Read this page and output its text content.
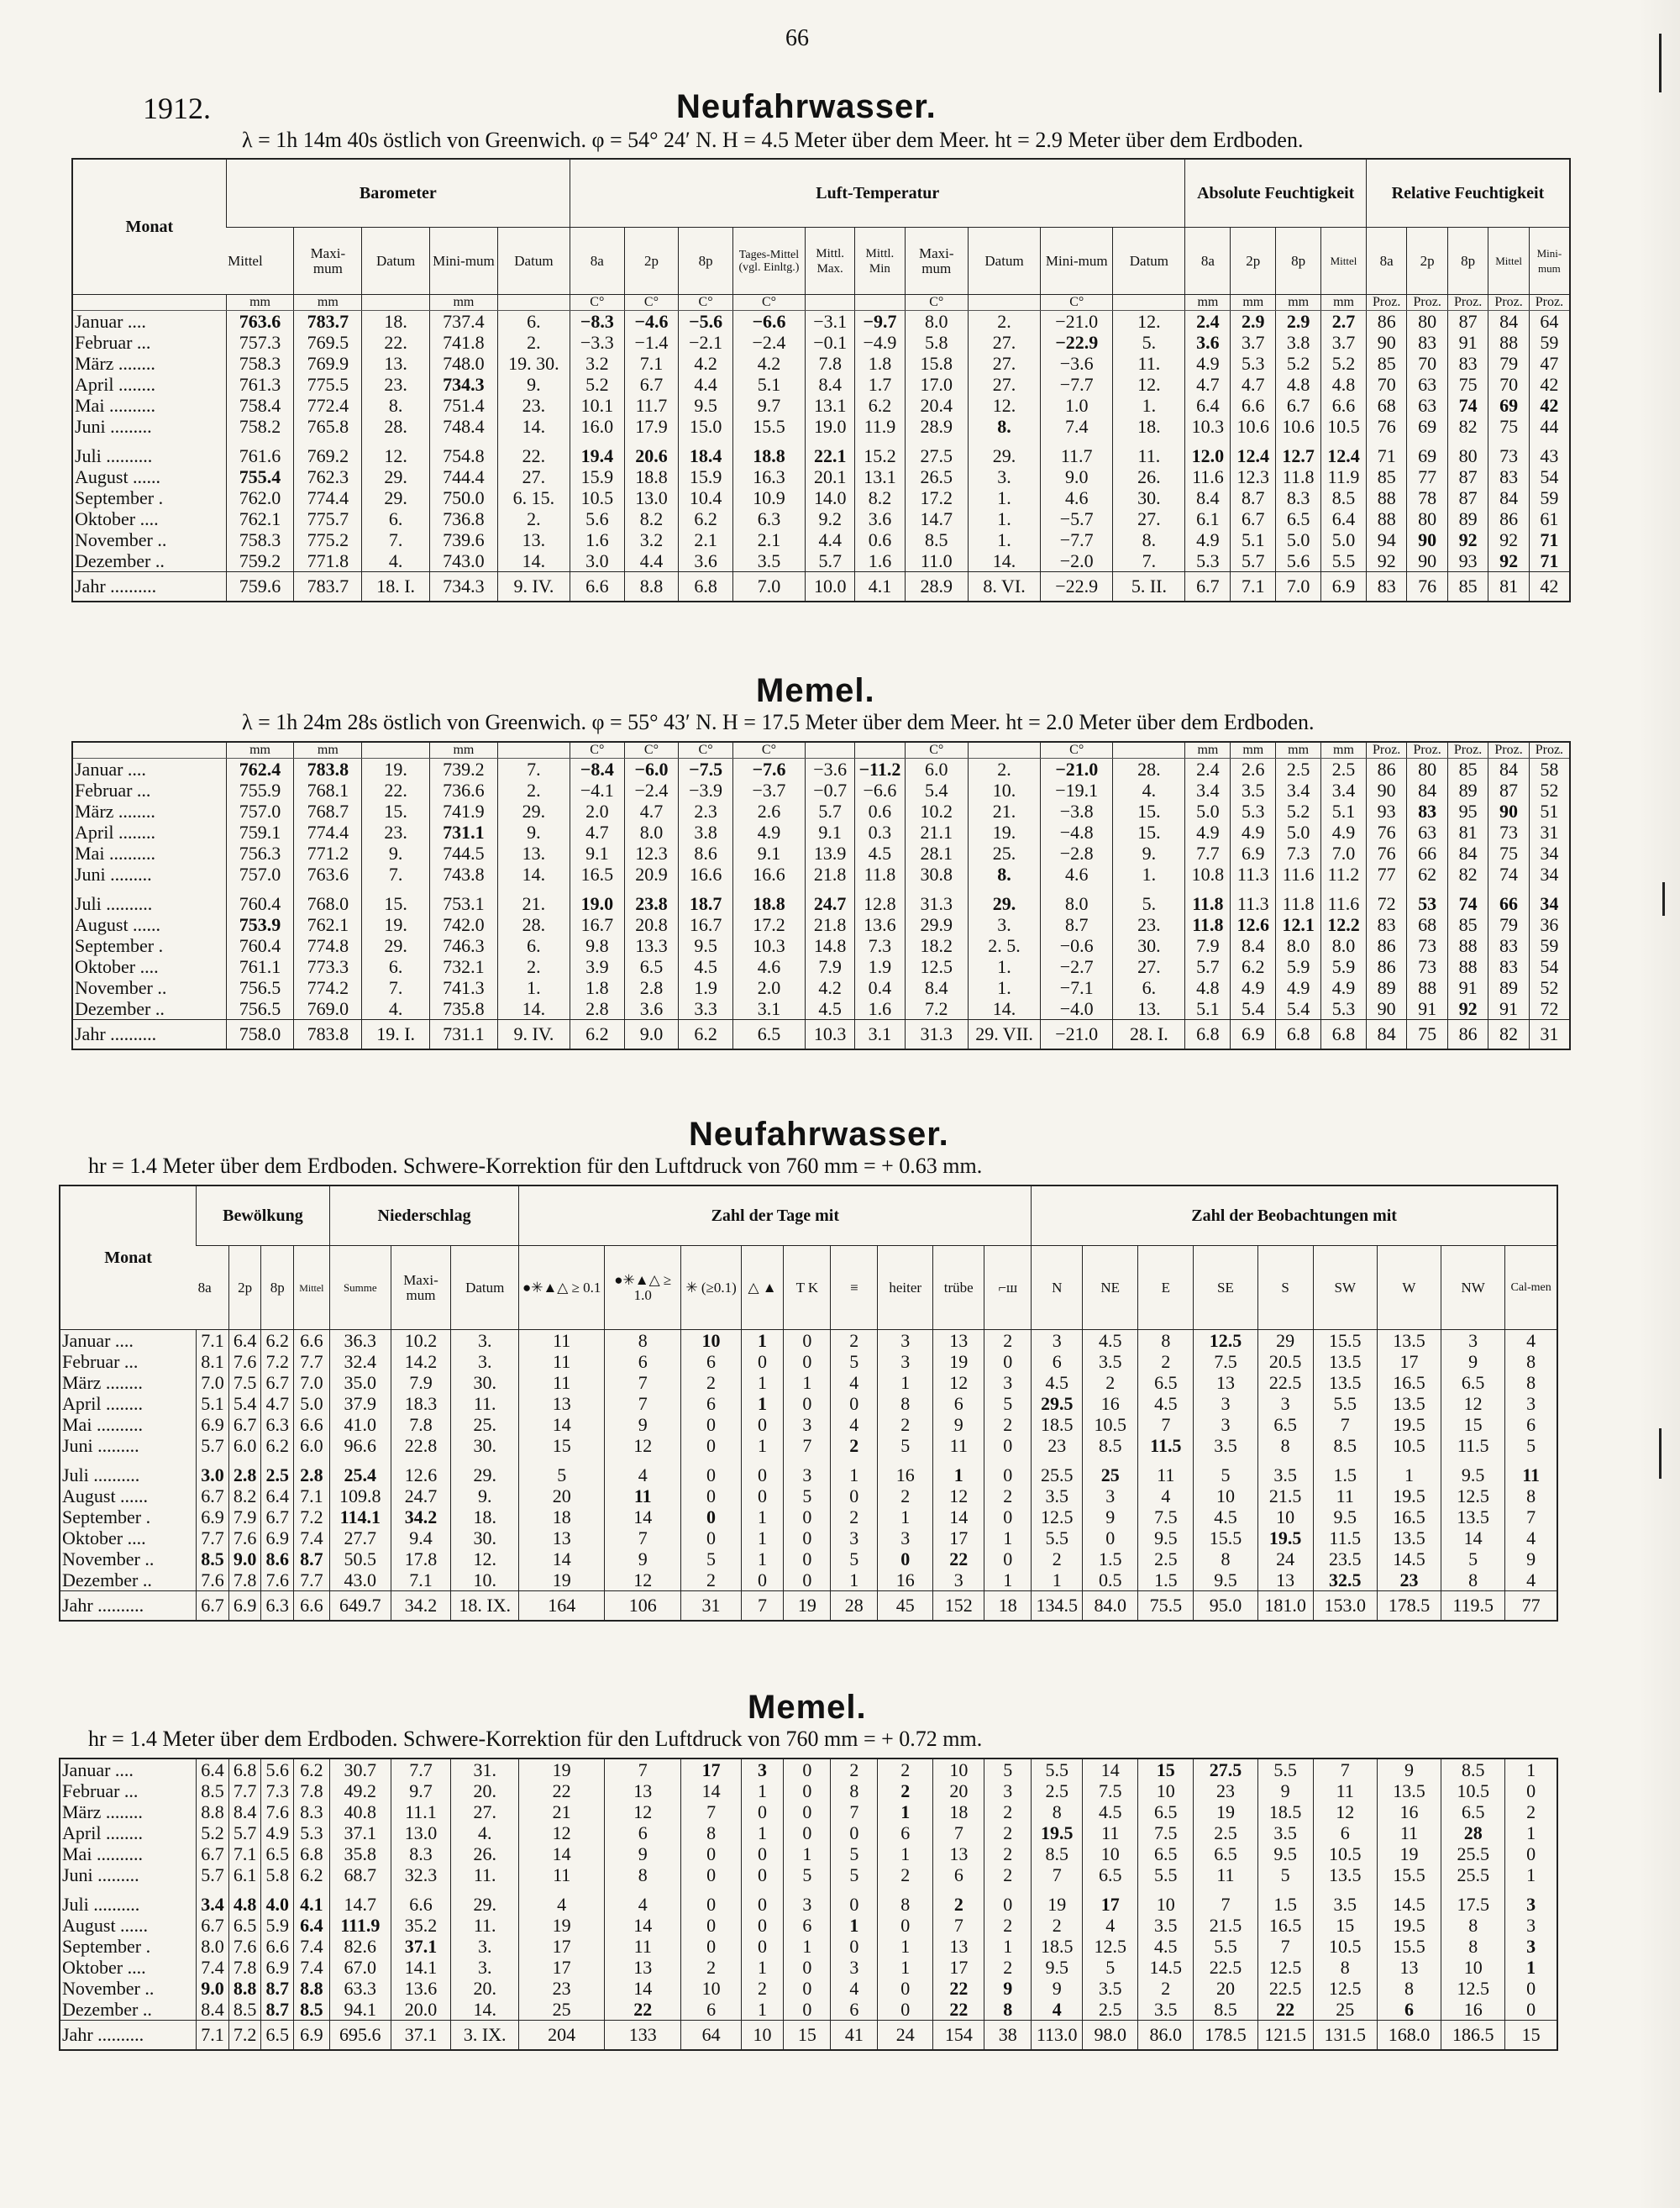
66
1912.	Neufahrwasser.
λ = 1h 14m 40s östlich von Greenwich. φ = 54° 24′ N. H = 4.5 Meter über dem Meer. ht = 2.9 Meter über dem Erdboden.
Monat	Barometer					Luft-Temperatur										Absolute Feuchtigkeit				Relative Feuchtigkeit				
	Mittel	Maxi-mum	Datum	Mini-mum	Datum	8a	2p	8p	Tages-Mittel (vgl. Einltg.)	Mittl. Max.	Mittl. Min	Maxi-mum	Datum	Mini-mum	Datum	8a	2p	8p	Mittel	8a	2p	8p	Mittel	Mini-mum
	mm	mm		mm		C°	C°	C°	C°			C°		C°		mm	mm	mm	mm	Proz.	Proz.	Proz.	Proz.	Proz.
Januar ....	763.6	783.7	18.	737.4	6.	−8.3	−4.6	−5.6	−6.6	−3.1	−9.7	8.0	2.	−21.0	12.	2.4	2.9	2.9	2.7	86	80	87	84	64
Februar ...	757.3	769.5	22.	741.8	2.	−3.3	−1.4	−2.1	−2.4	−0.1	−4.9	5.8	27.	−22.9	5.	3.6	3.7	3.8	3.7	90	83	91	88	59
März ........	758.3	769.9	13.	748.0	19. 30.	3.2	7.1	4.2	4.2	7.8	1.8	15.8	27.	−3.6	11.	4.9	5.3	5.2	5.2	85	70	83	79	47
April ........	761.3	775.5	23.	734.3	9.	5.2	6.7	4.4	5.1	8.4	1.7	17.0	27.	−7.7	12.	4.7	4.7	4.8	4.8	70	63	75	70	42
Mai ..........	758.4	772.4	8.	751.4	23.	10.1	11.7	9.5	9.7	13.1	6.2	20.4	12.	1.0	1.	6.4	6.6	6.7	6.6	68	63	74	69	42
Juni .........	758.2	765.8	28.	748.4	14.	16.0	17.9	15.0	15.5	19.0	11.9	28.9	8.	7.4	18.	10.3	10.6	10.6	10.5	76	69	82	75	44

Juli ..........	761.6	769.2	12.	754.8	22.	19.4	20.6	18.4	18.8	22.1	15.2	27.5	29.	11.7	11.	12.0	12.4	12.7	12.4	71	69	80	73	43
August ......	755.4	762.3	29.	744.4	27.	15.9	18.8	15.9	16.3	20.1	13.1	26.5	3.	9.0	26.	11.6	12.3	11.8	11.9	85	77	87	83	54
September .	762.0	774.4	29.	750.0	6. 15.	10.5	13.0	10.4	10.9	14.0	8.2	17.2	1.	4.6	30.	8.4	8.7	8.3	8.5	88	78	87	84	59
Oktober ....	762.1	775.7	6.	736.8	2.	5.6	8.2	6.2	6.3	9.2	3.6	14.7	1.	−5.7	27.	6.1	6.7	6.5	6.4	88	80	89	86	61
November ..	758.3	775.2	7.	739.6	13.	1.6	3.2	2.1	2.1	4.4	0.6	8.5	1.	−7.7	8.	4.9	5.1	5.0	5.0	94	90	92	92	71
Dezember ..	759.2	771.8	4.	743.0	14.	3.0	4.4	3.6	3.5	5.7	1.6	11.0	14.	−2.0	7.	5.3	5.7	5.6	5.5	92	90	93	92	71
Jahr ..........	759.6	783.7	18. I.	734.3	9. IV.	6.6	8.8	6.8	7.0	10.0	4.1	28.9	8. VI.	−22.9	5. II.	6.7	7.1	7.0	6.9	83	76	85	81	42
Memel.
λ = 1h 24m 28s östlich von Greenwich. φ = 55° 43′ N. H = 17.5 Meter über dem Meer. ht = 2.0 Meter über dem Erdboden.
	mm	mm		mm		C°	C°	C°	C°			C°		C°		mm	mm	mm	mm	Proz.	Proz.	Proz.	Proz.	Proz.
Januar ....	762.4	783.8	19.	739.2	7.	−8.4	−6.0	−7.5	−7.6	−3.6	−11.2	6.0	2.	−21.0	28.	2.4	2.6	2.5	2.5	86	80	85	84	58
Februar ...	755.9	768.1	22.	736.6	2.	−4.1	−2.4	−3.9	−3.7	−0.7	−6.6	5.4	10.	−19.1	4.	3.4	3.5	3.4	3.4	90	84	89	87	52
März ........	757.0	768.7	15.	741.9	29.	2.0	4.7	2.3	2.6	5.7	0.6	10.2	21.	−3.8	15.	5.0	5.3	5.2	5.1	93	83	95	90	51
April ........	759.1	774.4	23.	731.1	9.	4.7	8.0	3.8	4.9	9.1	0.3	21.1	19.	−4.8	15.	4.9	4.9	5.0	4.9	76	63	81	73	31
Mai ..........	756.3	771.2	9.	744.5	13.	9.1	12.3	8.6	9.1	13.9	4.5	28.1	25.	−2.8	9.	7.7	6.9	7.3	7.0	76	66	84	75	34
Juni .........	757.0	763.6	7.	743.8	14.	16.5	20.9	16.6	16.6	21.8	11.8	30.8	8.	4.6	1.	10.8	11.3	11.6	11.2	77	62	82	74	34

Juli ..........	760.4	768.0	15.	753.1	21.	19.0	23.8	18.7	18.8	24.7	12.8	31.3	29.	8.0	5.	11.8	11.3	11.8	11.6	72	53	74	66	34
August ......	753.9	762.1	19.	742.0	28.	16.7	20.8	16.7	17.2	21.8	13.6	29.9	3.	8.7	23.	11.8	12.6	12.1	12.2	83	68	85	79	36
September .	760.4	774.8	29.	746.3	6.	9.8	13.3	9.5	10.3	14.8	7.3	18.2	2. 5.	−0.6	30.	7.9	8.4	8.0	8.0	86	73	88	83	59
Oktober ....	761.1	773.3	6.	732.1	2.	3.9	6.5	4.5	4.6	7.9	1.9	12.5	1.	−2.7	27.	5.7	6.2	5.9	5.9	86	73	88	83	54
November ..	756.5	774.2	7.	741.3	1.	1.8	2.8	1.9	2.0	4.2	0.4	8.4	1.	−7.1	6.	4.8	4.9	4.9	4.9	89	88	91	89	52
Dezember ..	756.5	769.0	4.	735.8	14.	2.8	3.6	3.3	3.1	4.5	1.6	7.2	14.	−4.0	13.	5.1	5.4	5.4	5.3	90	91	92	91	72
Jahr ..........	758.0	783.8	19. I.	731.1	9. IV.	6.2	9.0	6.2	6.5	10.3	3.1	31.3	29. VII.	−21.0	28. I.	6.8	6.9	6.8	6.8	84	75	86	82	31
Neufahrwasser.
hr = 1.4 Meter über dem Erdboden. Schwere-Korrektion für den Luftdruck von 760 mm = + 0.63 mm.
Monat	Bewölkung				Niederschlag			Zahl der Tage mit									Zahl der Beobachtungen mit								
	8a	2p	8p	Mittel	Summe	Maxi-mum	Datum	●✳▲△ ≥ 0.1	●✳▲△ ≥ 1.0	✳ (≥0.1)	△ ▲	T K	≡	heiter	trübe	⌐ш	N	NE	E	SE	S	SW	W	NW	Cal-men
Januar ....	7.1	6.4	6.2	6.6	36.3	10.2	3.	11	8	10	1	0	2	3	13	2	3	4.5	8	12.5	29	15.5	13.5	3	4
Februar ...	8.1	7.6	7.2	7.7	32.4	14.2	3.	11	6	6	0	0	5	3	19	0	6	3.5	2	7.5	20.5	13.5	17	9	8
März ........	7.0	7.5	6.7	7.0	35.0	7.9	30.	11	7	2	1	1	4	1	12	3	4.5	2	6.5	13	22.5	13.5	16.5	6.5	8
April ........	5.1	5.4	4.7	5.0	37.9	18.3	11.	13	7	6	1	0	0	8	6	5	29.5	16	4.5	3	3	5.5	13.5	12	3
Mai ..........	6.9	6.7	6.3	6.6	41.0	7.8	25.	14	9	0	0	3	4	2	9	2	18.5	10.5	7	3	6.5	7	19.5	15	6
Juni .........	5.7	6.0	6.2	6.0	96.6	22.8	30.	15	12	0	1	7	2	5	11	0	23	8.5	11.5	3.5	8	8.5	10.5	11.5	5

Juli ..........	3.0	2.8	2.5	2.8	25.4	12.6	29.	5	4	0	0	3	1	16	1	0	25.5	25	11	5	3.5	1.5	1	9.5	11
August ......	6.7	8.2	6.4	7.1	109.8	24.7	9.	20	11	0	0	5	0	2	12	2	3.5	3	4	10	21.5	11	19.5	12.5	8
September .	6.9	7.9	6.7	7.2	114.1	34.2	18.	18	14	0	1	0	2	1	14	0	12.5	9	7.5	4.5	10	9.5	16.5	13.5	7
Oktober ....	7.7	7.6	6.9	7.4	27.7	9.4	30.	13	7	0	1	0	3	3	17	1	5.5	0	9.5	15.5	19.5	11.5	13.5	14	4
November ..	8.5	9.0	8.6	8.7	50.5	17.8	12.	14	9	5	1	0	5	0	22	0	2	1.5	2.5	8	24	23.5	14.5	5	9
Dezember ..	7.6	7.8	7.6	7.7	43.0	7.1	10.	19	12	2	0	0	1	16	3	1	1	0.5	1.5	9.5	13	32.5	23	8	4
Jahr ..........	6.7	6.9	6.3	6.6	649.7	34.2	18. IX.	164	106	31	7	19	28	45	152	18	134.5	84.0	75.5	95.0	181.0	153.0	178.5	119.5	77
Memel.
hr = 1.4 Meter über dem Erdboden. Schwere-Korrektion für den Luftdruck von 760 mm = + 0.72 mm.
Januar ....	6.4	6.8	5.6	6.2	30.7	7.7	31.	19	7	17	3	0	2	2	10	5	5.5	14	15	27.5	5.5	7	9	8.5	1
Februar ...	8.5	7.7	7.3	7.8	49.2	9.7	20.	22	13	14	1	0	8	2	20	3	2.5	7.5	10	23	9	11	13.5	10.5	0
März ........	8.8	8.4	7.6	8.3	40.8	11.1	27.	21	12	7	0	0	7	1	18	2	8	4.5	6.5	19	18.5	12	16	6.5	2
April ........	5.2	5.7	4.9	5.3	37.1	13.0	4.	12	6	8	1	0	0	6	7	2	19.5	11	7.5	2.5	3.5	6	11	28	1
Mai ..........	6.7	7.1	6.5	6.8	35.8	8.3	26.	14	9	0	0	1	5	1	13	2	8.5	10	6.5	6.5	9.5	10.5	19	25.5	0
Juni .........	5.7	6.1	5.8	6.2	68.7	32.3	11.	11	8	0	0	5	5	2	6	2	7	6.5	5.5	11	5	13.5	15.5	25.5	1

Juli ..........	3.4	4.8	4.0	4.1	14.7	6.6	29.	4	4	0	0	3	0	8	2	0	19	17	10	7	1.5	3.5	14.5	17.5	3
August ......	6.7	6.5	5.9	6.4	111.9	35.2	11.	19	14	0	0	6	1	0	7	2	2	4	3.5	21.5	16.5	15	19.5	8	3
September .	8.0	7.6	6.6	7.4	82.6	37.1	3.	17	11	0	0	1	0	1	13	1	18.5	12.5	4.5	5.5	7	10.5	15.5	8	3
Oktober ....	7.4	7.8	6.9	7.4	67.0	14.1	3.	17	13	2	1	0	3	1	17	2	9.5	5	14.5	22.5	12.5	8	13	10	1
November ..	9.0	8.8	8.7	8.8	63.3	13.6	20.	23	14	10	2	0	4	0	22	9	9	3.5	2	20	22.5	12.5	8	12.5	0
Dezember ..	8.4	8.5	8.7	8.5	94.1	20.0	14.	25	22	6	1	0	6	0	22	8	4	2.5	3.5	8.5	22	25	6	16	0
Jahr ..........	7.1	7.2	6.5	6.9	695.6	37.1	3. IX.	204	133	64	10	15	41	24	154	38	113.0	98.0	86.0	178.5	121.5	131.5	168.0	186.5	15
